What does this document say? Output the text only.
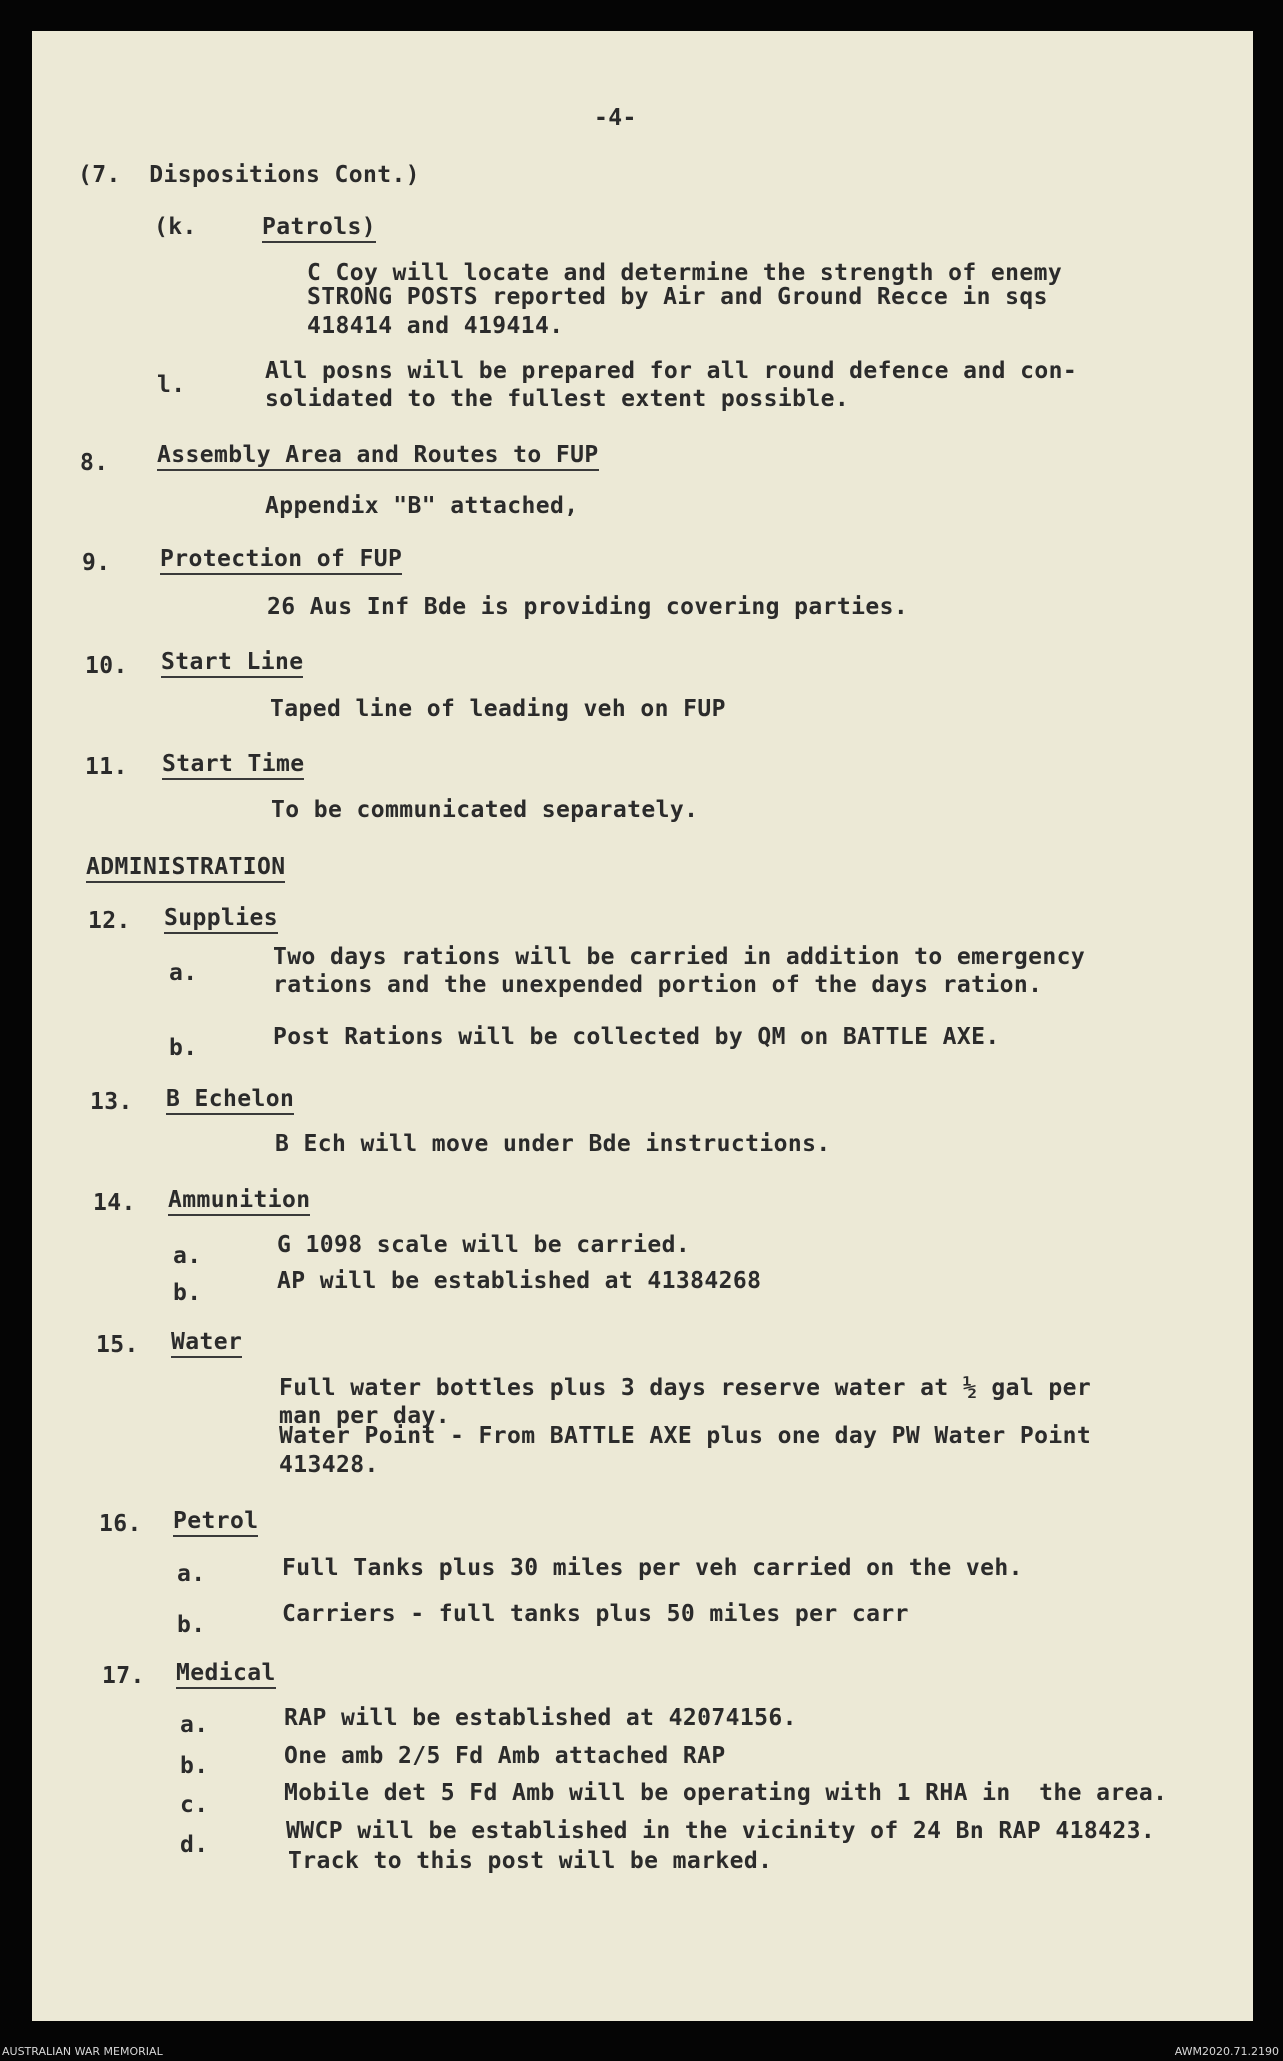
-4-
(7.  Dispositions Cont.)
(k.	Patrols)
C Coy will locate and determine the strength of enemy
STRONG POSTS reported by Air and Ground Recce in sqs
418414 and 419414.
l.
All posns will be prepared for all round defence and con-
solidated to the fullest extent possible.
8. Assembly Area and Routes to FUP
Appendix "B" attached,
9. Protection of FUP
26 Aus Inf Bde is providing covering parties.
10. Start Line
Taped line of leading veh on FUP
11. Start Time
To be communicated separately.
ADMINISTRATION
12. Supplies
a.
Two days rations will be carried in addition to emergency
rations and the unexpended portion of the days ration.
b.	Post Rations will be collected by QM on BATTLE AXE.
13. B Echelon
B Ech will move under Bde instructions.
14. Ammunition
a.	G 1098 scale will be carried.
b.	AP will be established at 41384268
15. Water
Full water bottles plus 3 days reserve water at ½ gal per
man per day.
Water Point - From BATTLE AXE plus one day PW Water Point
413428.
16. Petrol
a.	Full Tanks plus 30 miles per veh carried on the veh.
b.	Carriers - full tanks plus 50 miles per carr
17. Medical
a.	RAP will be established at 42074156.
b.	One amb 2/5 Fd Amb attached RAP
c.	Mobile det 5 Fd Amb will be operating with 1 RHA in  the area.
d.
WWCP will be established in the vicinity of 24 Bn RAP 418423.
Track to this post will be marked.
AUSTRALIAN WAR MEMORIAL	AWM2020.71.2190
